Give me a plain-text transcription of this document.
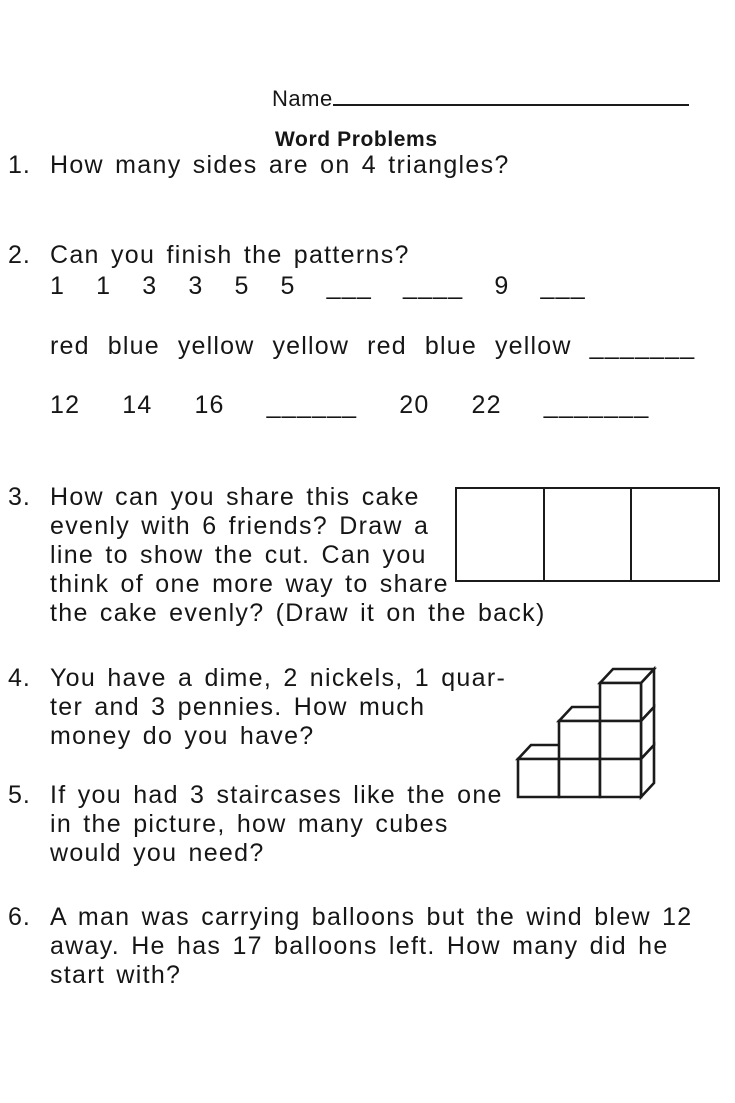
Name
Word Problems
1. How many sides are on 4 triangles?
2. Can you finish the patterns?
1 1 3 3 5 5 ___ ____ 9 ___
red blue yellow yellow red blue yellow _______
12 14 16 ______ 20 22 _______
3. How can you share this cake
evenly with 6 friends? Draw a
line to show the cut. Can you
think of one more way to share
the cake evenly? (Draw it on the back)
4. You have a dime, 2 nickels, 1 quar-
ter and 3 pennies. How much
money do you have?
5. If you had 3 staircases like the one
in the picture, how many cubes
would you need?
6. A man was carrying balloons but the wind blew 12
away. He has 17 balloons left. How many did he
start with?
